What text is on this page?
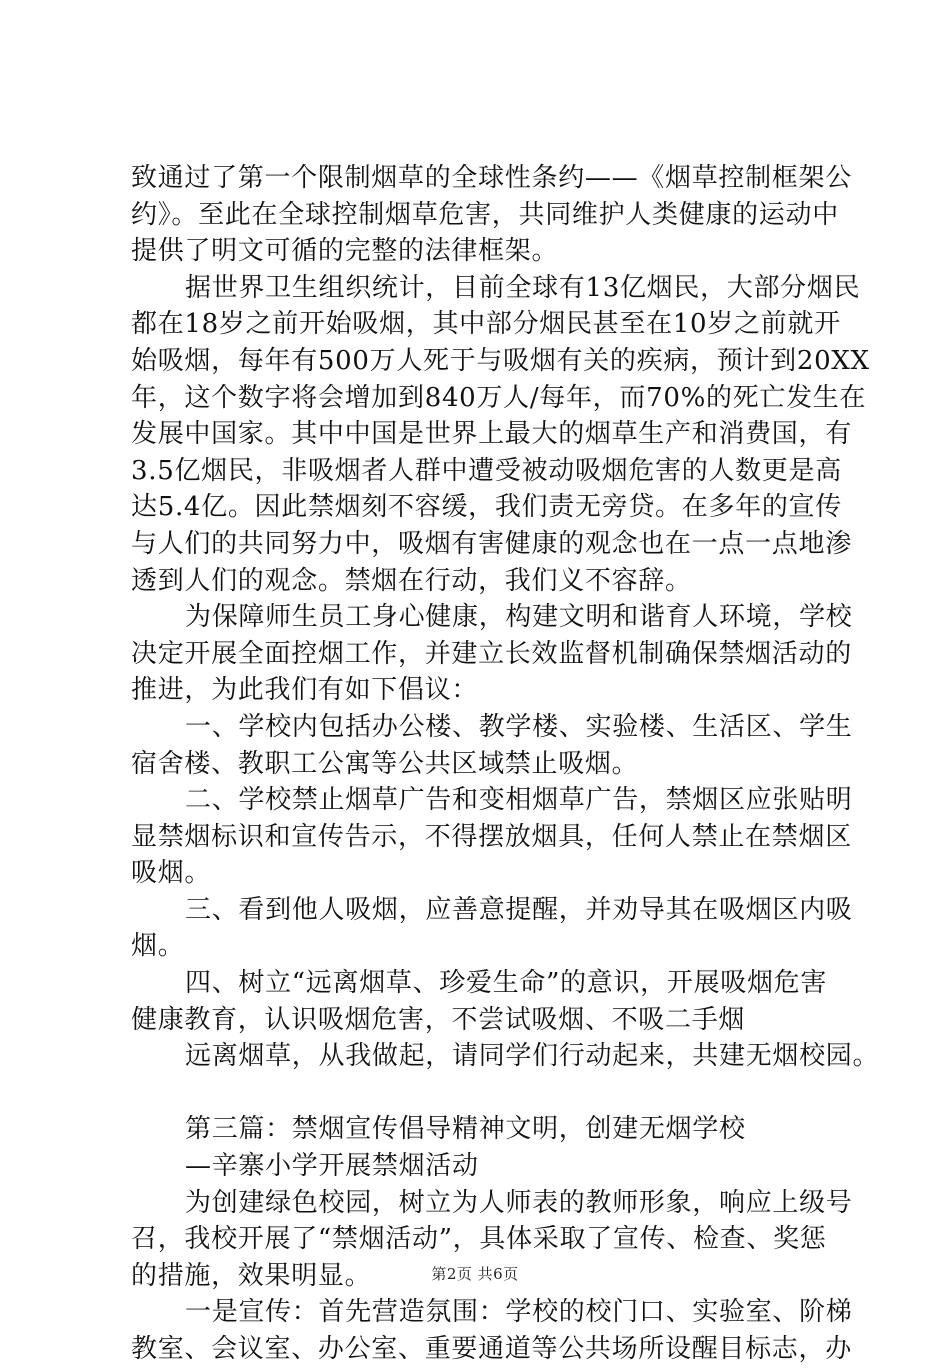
致通过了第一个限制烟草的全球性条约——《烟草控制框架公
约》。至此在全球控制烟草危害，共同维护人类健康的运动中
提供了明文可循的完整的法律框架。
据世界卫生组织统计，目前全球有13亿烟民，大部分烟民
都在18岁之前开始吸烟，其中部分烟民甚至在10岁之前就开
始吸烟，每年有500万人死于与吸烟有关的疾病，预计到20XX
年，这个数字将会增加到840万人/每年，而70%的死亡发生在
发展中国家。其中中国是世界上最大的烟草生产和消费国，有
3.5亿烟民，非吸烟者人群中遭受被动吸烟危害的人数更是高
达5.4亿。因此禁烟刻不容缓，我们责无旁贷。在多年的宣传
与人们的共同努力中，吸烟有害健康的观念也在一点一点地渗
透到人们的观念。禁烟在行动，我们义不容辞。
为保障师生员工身心健康，构建文明和谐育人环境，学校
决定开展全面控烟工作，并建立长效监督机制确保禁烟活动的
推进，为此我们有如下倡议：
一、学校内包括办公楼、教学楼、实验楼、生活区、学生
宿舍楼、教职工公寓等公共区域禁止吸烟。
二、学校禁止烟草广告和变相烟草广告，禁烟区应张贴明
显禁烟标识和宣传告示，不得摆放烟具，任何人禁止在禁烟区
吸烟。
三、看到他人吸烟，应善意提醒，并劝导其在吸烟区内吸
烟。
四、树立“远离烟草、珍爱生命”的意识，开展吸烟危害
健康教育，认识吸烟危害，不尝试吸烟、不吸二手烟
远离烟草，从我做起，请同学们行动起来，共建无烟校园。
第三篇：禁烟宣传倡导精神文明，创建无烟学校
—辛寨小学开展禁烟活动
为创建绿色校园，树立为人师表的教师形象，响应上级号
召，我校开展了“禁烟活动”，具体采取了宣传、检查、奖惩
的措施，效果明显。
一是宣传：首先营造氛围：学校的校门口、实验室、阶梯
教室、会议室、办公室、重要通道等公共场所设醒目标志，办
第2页 共6页
